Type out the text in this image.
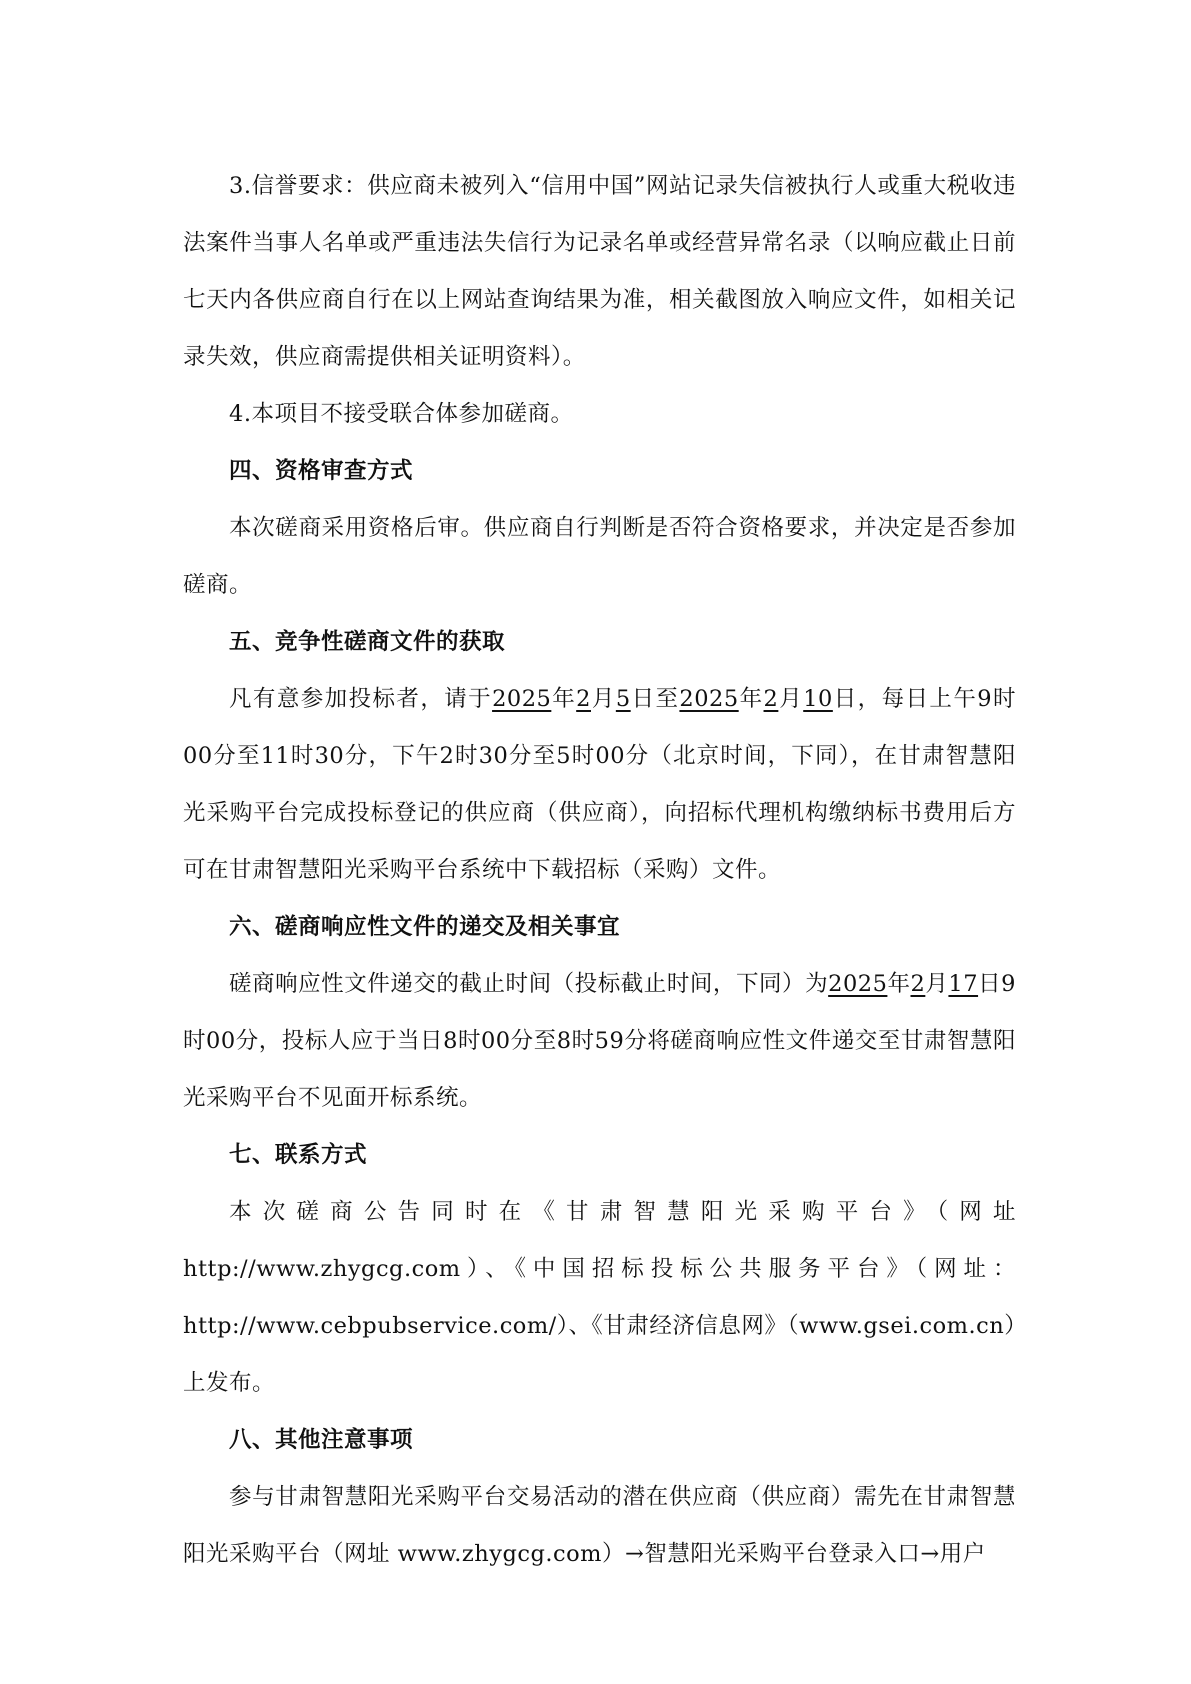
3.信誉要求：供应商未被列入“信用中国”网站记录失信被执行人或重大税收违法案件当事人名单或严重违法失信行为记录名单或经营异常名录（以响应截止日前七天内各供应商自行在以上网站查询结果为准，相关截图放入响应文件，如相关记录失效，供应商需提供相关证明资料）。

4.本项目不接受联合体参加磋商。

四、资格审查方式

本次磋商采用资格后审。供应商自行判断是否符合资格要求，并决定是否参加磋商。

五、竞争性磋商文件的获取

凡有意参加投标者，请于2025年2月5日至2025年2月10日，每日上午9时00分至11时30分，下午2时30分至5时00分（北京时间，下同），在甘肃智慧阳光采购平台完成投标登记的供应商（供应商），向招标代理机构缴纳标书费用后方可在甘肃智慧阳光采购平台系统中下载招标（采购）文件。

六、磋商响应性文件的递交及相关事宜

磋商响应性文件递交的截止时间（投标截止时间，下同）为2025年2月17日9时00分，投标人应于当日8时00分至8时59分将磋商响应性文件递交至甘肃智慧阳光采购平台不见面开标系统。

七、联系方式

本次磋商公告同时在《甘肃智慧阳光采购平台》（网址 http://www.zhygcg.com）、《中国招标投标公共服务平台》（网址：http://www.cebpubservice.com/）、《甘肃经济信息网》（www.gsei.com.cn）上发布。

八、其他注意事项

参与甘肃智慧阳光采购平台交易活动的潜在供应商（供应商）需先在甘肃智慧阳光采购平台（网址 www.zhygcg.com）→智慧阳光采购平台登录入口→用户
